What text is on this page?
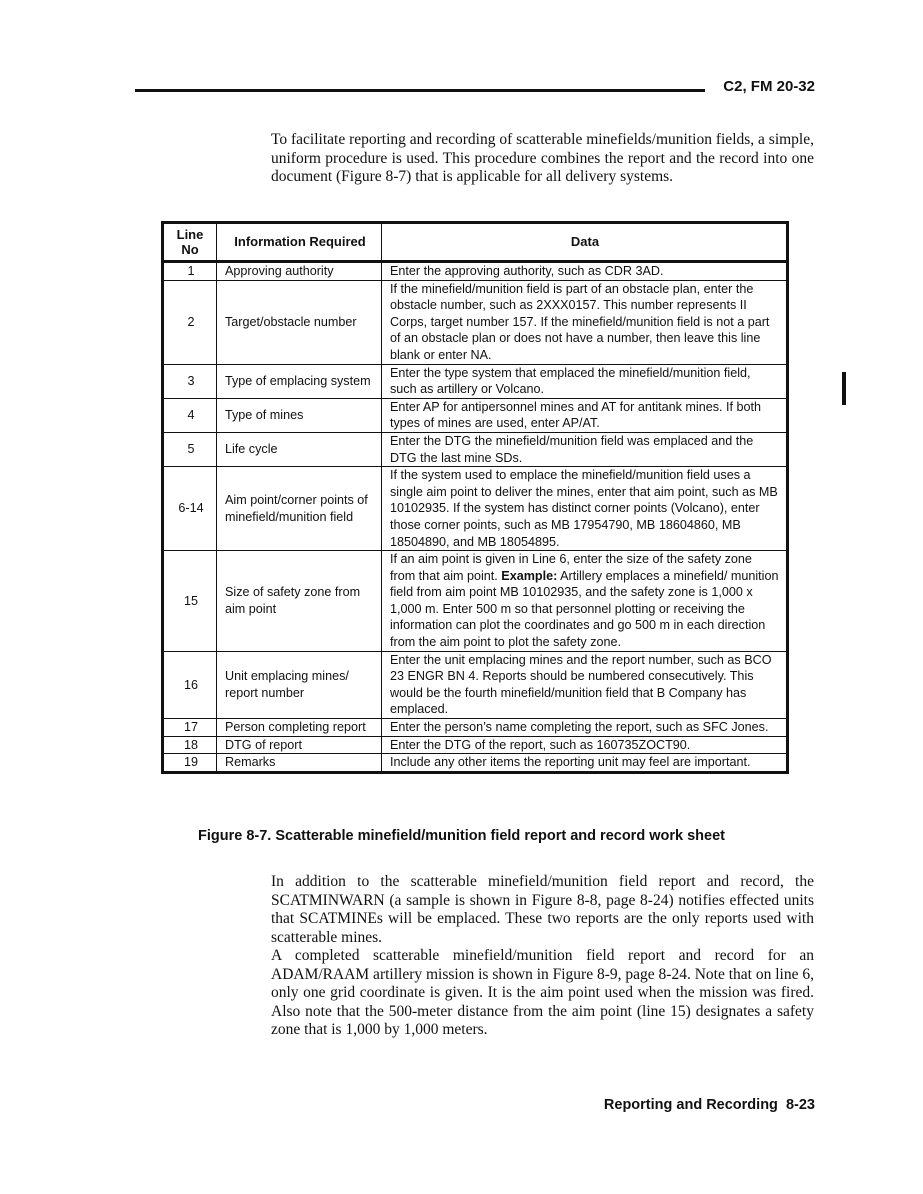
C2, FM 20-32

To facilitate reporting and recording of scatterable minefields/munition fields, a simple, uniform procedure is used. This procedure combines the report and the record into one document (Figure 8-7) that is applicable for all delivery systems.

Line No	Information Required	Data
1	Approving authority	Enter the approving authority, such as CDR 3AD.
2	Target/obstacle number	If the minefield/munition field is part of an obstacle plan, enter the obstacle number, such as 2XXX0157. This number represents II Corps, target number 157. If the minefield/munition field is not a part of an obstacle plan or does not have a number, then leave this line blank or enter NA.
3	Type of emplacing system	Enter the type system that emplaced the minefield/munition field, such as artillery or Volcano.
4	Type of mines	Enter AP for antipersonnel mines and AT for antitank mines. If both types of mines are used, enter AP/AT.
5	Life cycle	Enter the DTG the minefield/munition field was emplaced and the DTG the last mine SDs.
6-14	Aim point/corner points of minefield/munition field	If the system used to emplace the minefield/munition field uses a single aim point to deliver the mines, enter that aim point, such as MB 10102935. If the system has distinct corner points (Volcano), enter those corner points, such as MB 17954790, MB 18604860, MB 18504890, and MB 18054895.
15	Size of safety zone from aim point	If an aim point is given in Line 6, enter the size of the safety zone from that aim point. Example: Artillery emplaces a minefield/ munition field from aim point MB 10102935, and the safety zone is 1,000 x 1,000 m. Enter 500 m so that personnel plotting or receiving the information can plot the coordinates and go 500 m in each direction from the aim point to plot the safety zone.
16	Unit emplacing mines/ report number	Enter the unit emplacing mines and the report number, such as BCO 23 ENGR BN 4. Reports should be numbered consecutively. This would be the fourth minefield/munition field that B Company has emplaced.
17	Person completing report	Enter the person’s name completing the report, such as SFC Jones.
18	DTG of report	Enter the DTG of the report, such as 160735ZOCT90.
19	Remarks	Include any other items the reporting unit may feel are important.
Figure 8-7. Scatterable minefield/munition field report and record work sheet

In addition to the scatterable minefield/munition field report and record, the SCATMINWARN (a sample is shown in Figure 8-8, page 8-24) notifies effected units that SCATMINEs will be emplaced. These two reports are the only reports used with scatterable mines.

A completed scatterable minefield/munition field report and record for an ADAM/RAAM artillery mission is shown in Figure 8-9, page 8-24. Note that on line 6, only one grid coordinate is given. It is the aim point used when the mission was fired. Also note that the 500-meter distance from the aim point (line 15) designates a safety zone that is 1,000 by 1,000 meters.

Reporting and Recording  8-23
